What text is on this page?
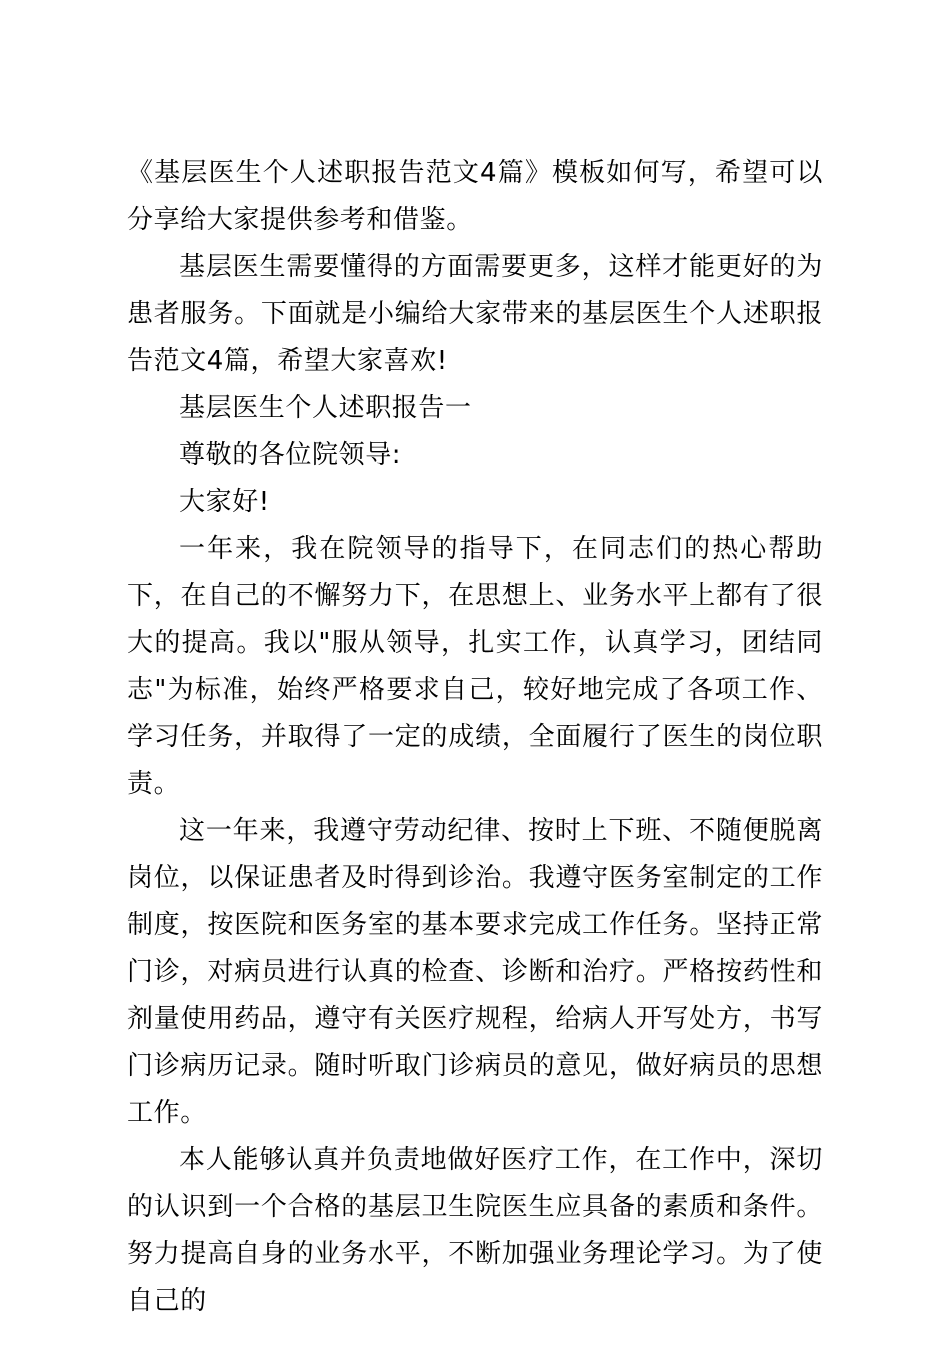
《基层医生个人述职报告范文4篇》模板如何写，希望可以分享给大家提供参考和借鉴。

基层医生需要懂得的方面需要更多，这样才能更好的为患者服务。下面就是小编给大家带来的基层医生个人述职报告范文4篇，希望大家喜欢!

基层医生个人述职报告一

尊敬的各位院领导:

大家好!

一年来，我在院领导的指导下，在同志们的热心帮助下，在自己的不懈努力下，在思想上、业务水平上都有了很大的提高。我以"服从领导，扎实工作，认真学习，团结同志"为标准，始终严格要求自己，较好地完成了各项工作、学习任务，并取得了一定的成绩，全面履行了医生的岗位职责。

这一年来，我遵守劳动纪律、按时上下班、不随便脱离岗位，以保证患者及时得到诊治。我遵守医务室制定的工作制度，按医院和医务室的基本要求完成工作任务。坚持正常门诊，对病员进行认真的检查、诊断和治疗。严格按药性和剂量使用药品，遵守有关医疗规程，给病人开写处方，书写门诊病历记录。随时听取门诊病员的意见，做好病员的思想工作。

本人能够认真并负责地做好医疗工作，在工作中，深切的认识到一个合格的基层卫生院医生应具备的素质和条件。努力提高自身的业务水平，不断加强业务理论学习。为了使自己的
